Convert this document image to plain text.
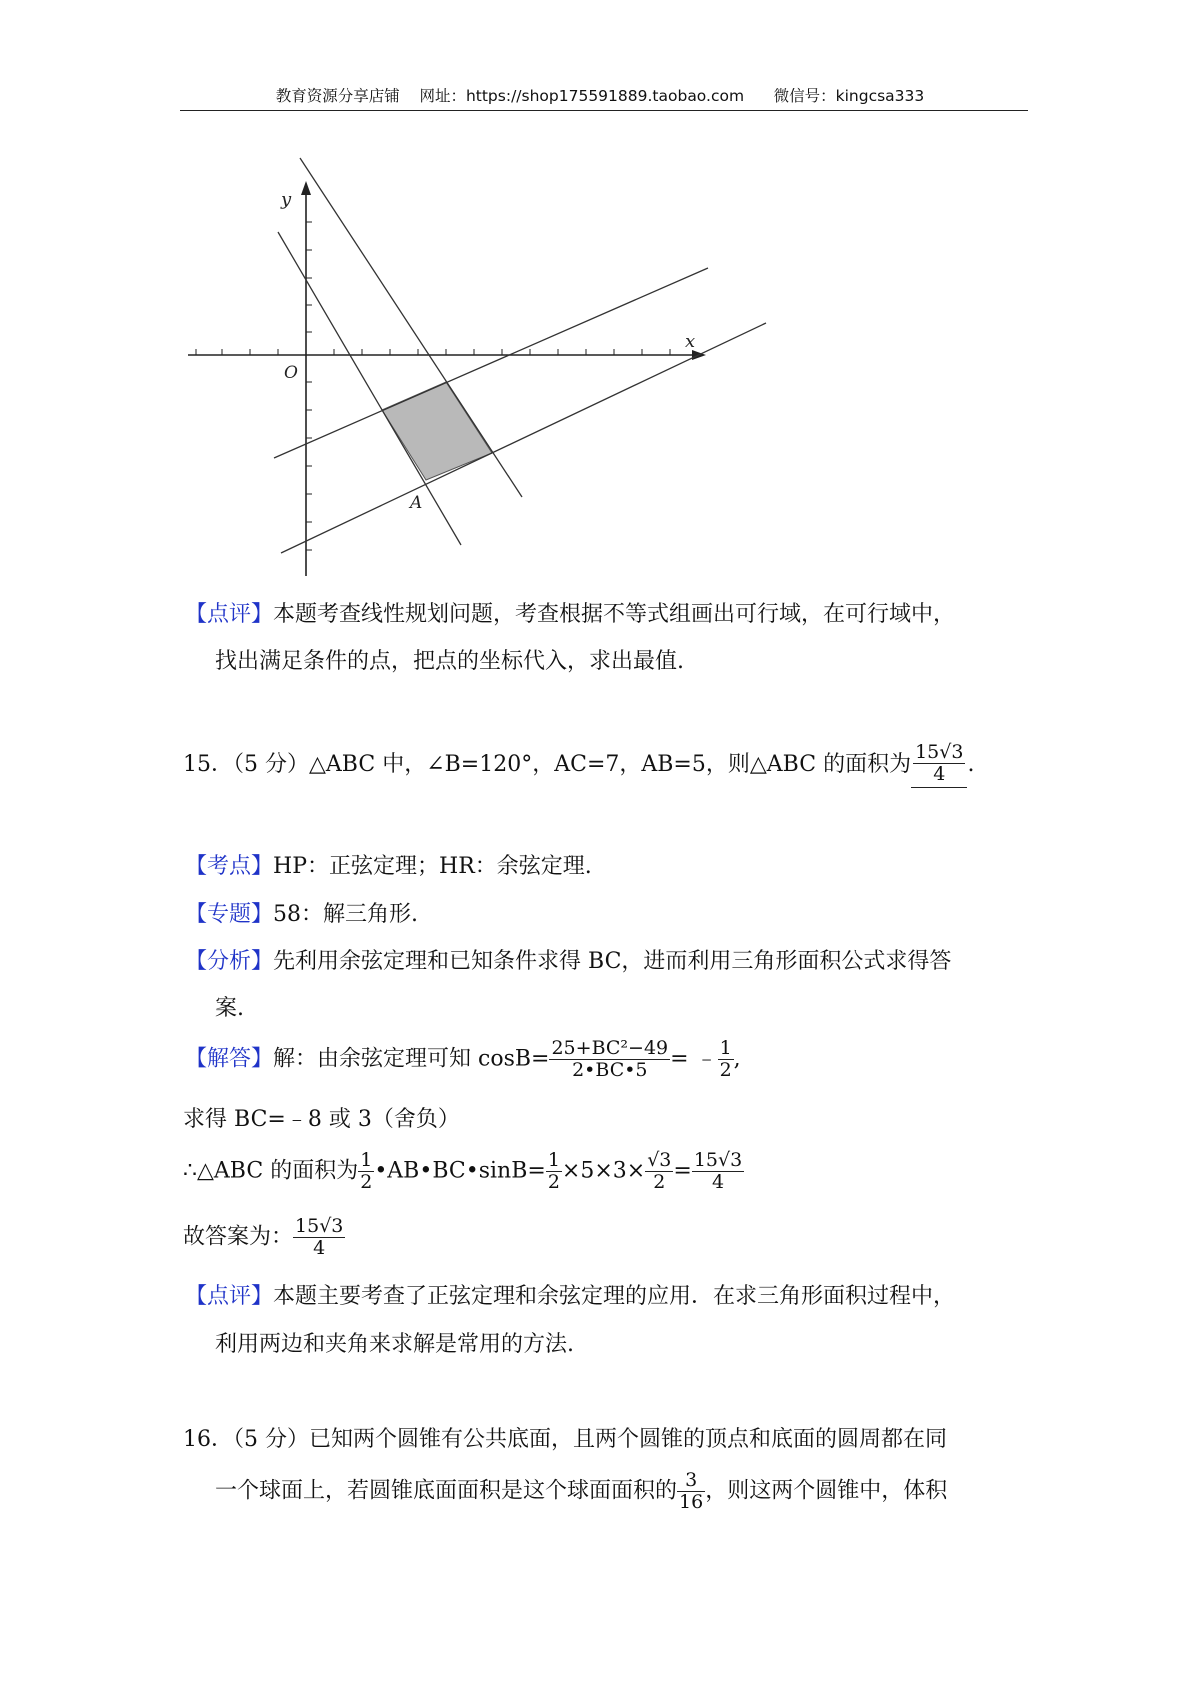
教育资源分享店铺 网址：https://shop175591889.taobao.com 微信号：kingcsa333
y
x
O
A
【点评】本题考查线性规划问题，考查根据不等式组画出可行域，在可行域中，
找出满足条件的点，把点的坐标代入，求出最值.
15．（5 分）△ABC 中，∠B=120°，AC=7，AB=5，则△ABC 的面积为 $\frac{15√3}{4}$ .
【考点】HP：正弦定理；HR：余弦定理.
【专题】58：解三角形.
【分析】先利用余弦定理和已知条件求得 BC，进而利用三角形面积公式求得答
案.
【解答】解：由余弦定理可知 $\cos B= \frac{\text{25+BC²−49}}{2•BC•5}$ = ﹣ $\frac{1}{2}$ ,
求得 BC=﹣8 或 3（舍负）
∴△ABC 的面积为 $\frac{1}{2}$ •AB•BC•sinB= $\frac{1}{2} \times 5\times 3\times \frac{√3}{2} = \frac{15√3}{4}$
故答案为： $\frac{15√3}{4}$
【点评】本题主要考查了正弦定理和余弦定理的应用．在求三角形面积过程中，
利用两边和夹角来求解是常用的方法.
16．（5 分）已知两个圆锥有公共底面，且两个圆锥的顶点和底面的圆周都在同
一个球面上，若圆锥底面面积是这个球面面积的 $\frac{3}{16}$ ，则这两个圆锥中，体积
